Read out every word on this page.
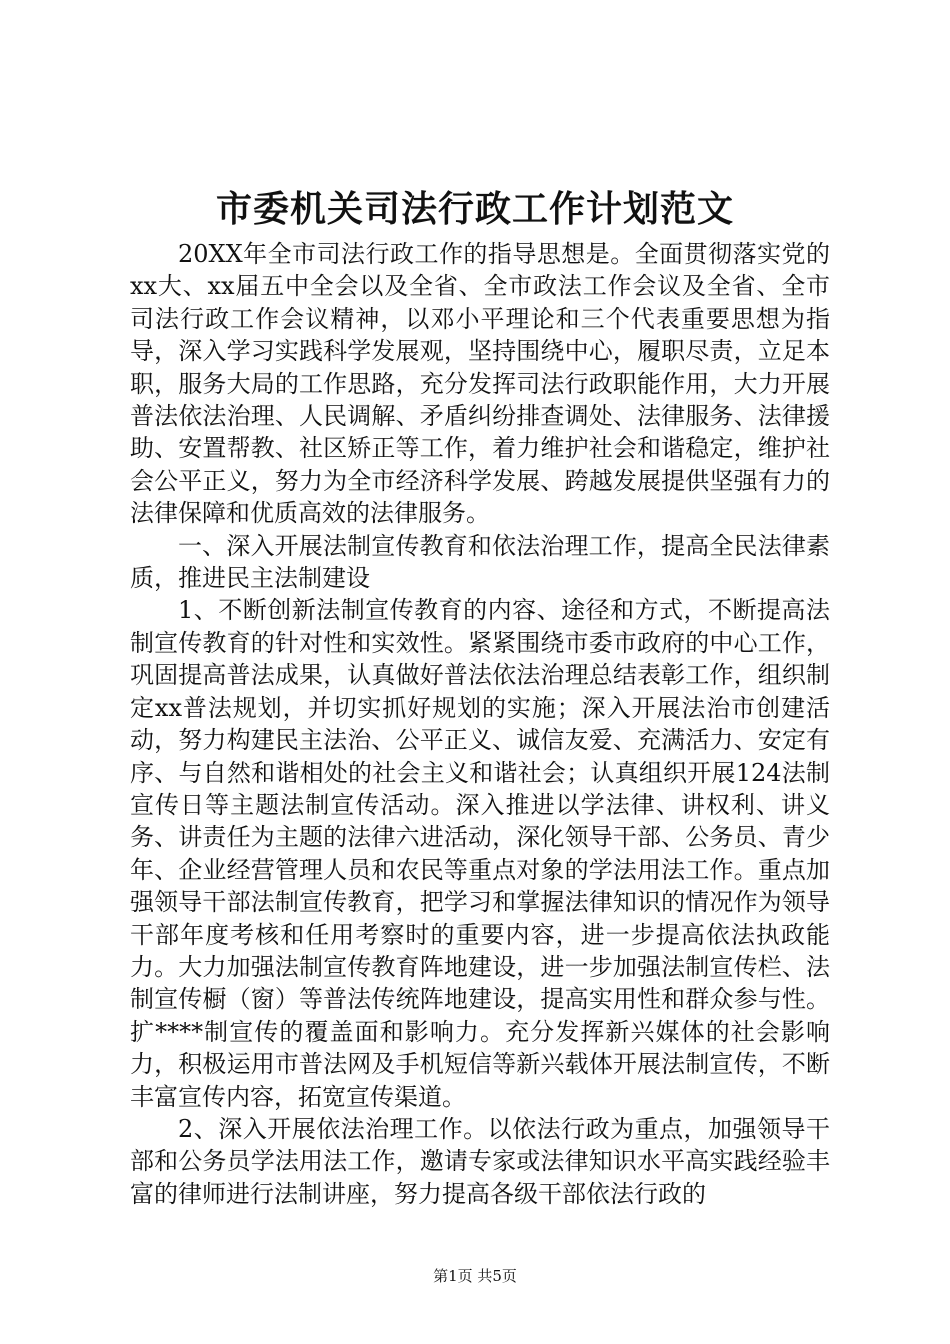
市委机关司法行政工作计划范文

20XX年全市司法行政工作的指导思想是。全面贯彻落实党的xx大、xx届五中全会以及全省、全市政法工作会议及全省、全市司法行政工作会议精神，以邓小平理论和三个代表重要思想为指导，深入学习实践科学发展观，坚持围绕中心，履职尽责，立足本职，服务大局的工作思路，充分发挥司法行政职能作用，大力开展普法依法治理、人民调解、矛盾纠纷排查调处、法律服务、法律援助、安置帮教、社区矫正等工作，着力维护社会和谐稳定，维护社会公平正义，努力为全市经济科学发展、跨越发展提供坚强有力的法律保障和优质高效的法律服务。

一、深入开展法制宣传教育和依法治理工作，提高全民法律素质，推进民主法制建设

1、不断创新法制宣传教育的内容、途径和方式，不断提高法制宣传教育的针对性和实效性。紧紧围绕市委市政府的中心工作，巩固提高普法成果，认真做好普法依法治理总结表彰工作，组织制定xx普法规划，并切实抓好规划的实施；深入开展法治市创建活动，努力构建民主法治、公平正义、诚信友爱、充满活力、安定有序、与自然和谐相处的社会主义和谐社会；认真组织开展124法制宣传日等主题法制宣传活动。深入推进以学法律、讲权利、讲义务、讲责任为主题的法律六进活动，深化领导干部、公务员、青少年、企业经营管理人员和农民等重点对象的学法用法工作。重点加强领导干部法制宣传教育，把学习和掌握法律知识的情况作为领导干部年度考核和任用考察时的重要内容，进一步提高依法执政能力。大力加强法制宣传教育阵地建设，进一步加强法制宣传栏、法制宣传橱（窗）等普法传统阵地建设，提高实用性和群众参与性。扩****制宣传的覆盖面和影响力。充分发挥新兴媒体的社会影响力，积极运用市普法网及手机短信等新兴载体开展法制宣传，不断丰富宣传内容，拓宽宣传渠道。

2、深入开展依法治理工作。以依法行政为重点，加强领导干部和公务员学法用法工作，邀请专家或法律知识水平高实践经验丰富的律师进行法制讲座，努力提高各级干部依法行政的

第1页 共5页
